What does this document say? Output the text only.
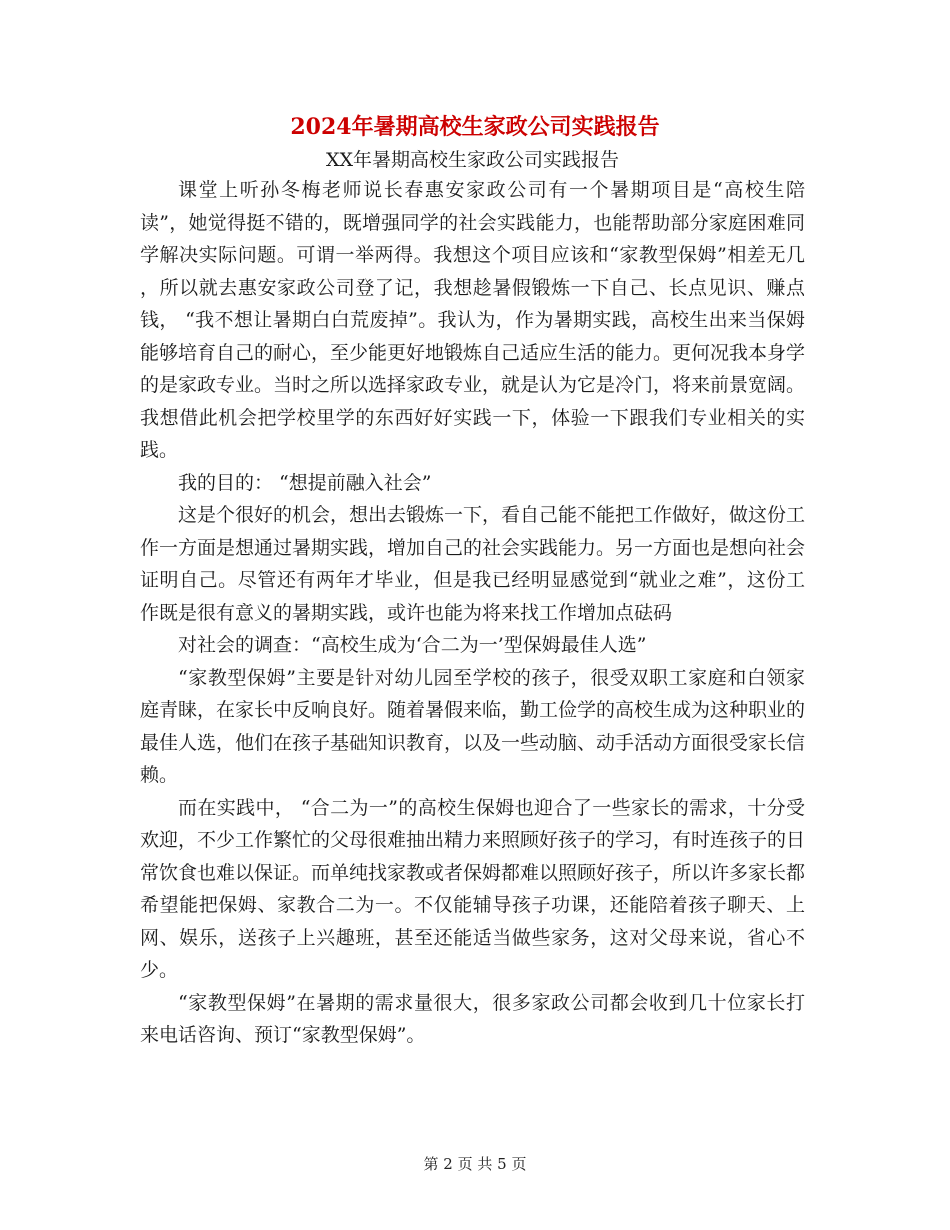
2024年暑期高校生家政公司实践报告

XX年暑期高校生家政公司实践报告

课堂上听孙冬梅老师说长春惠安家政公司有一个暑期项目是“高校生陪读”，她觉得挺不错的，既增强同学的社会实践能力，也能帮助部分家庭困难同学解决实际问题。可谓一举两得。我想这个项目应该和“家教型保姆”相差无几 ，所以就去惠安家政公司登了记，我想趁暑假锻炼一下自己、长点见识、赚点钱， “我不想让暑期白白荒废掉”。我认为，作为暑期实践，高校生出来当保姆能够培育自己的耐心，至少能更好地锻炼自己适应生活的能力。更何况我本身学的是家政专业。当时之所以选择家政专业，就是认为它是冷门，将来前景宽阔。我想借此机会把学校里学的东西好好实践一下，体验一下跟我们专业相关的实践。

我的目的： “想提前融入社会”

这是个很好的机会，想出去锻炼一下，看自己能不能把工作做好，做这份工作一方面是想通过暑期实践，增加自己的社会实践能力。另一方面也是想向社会证明自己。尽管还有两年才毕业，但是我已经明显感觉到“就业之难”，这份工作既是很有意义的暑期实践，或许也能为将来找工作增加点砝码

对社会的调查：“高校生成为‘合二为一’型保姆最佳人选”

“家教型保姆”主要是针对幼儿园至学校的孩子，很受双职工家庭和白领家庭青睐，在家长中反响良好。随着暑假来临，勤工俭学的高校生成为这种职业的最佳人选，他们在孩子基础知识教育，以及一些动脑、动手活动方面很受家长信赖。

而在实践中， “合二为一”的高校生保姆也迎合了一些家长的需求，十分受欢迎，不少工作繁忙的父母很难抽出精力来照顾好孩子的学习，有时连孩子的日常饮食也难以保证。而单纯找家教或者保姆都难以照顾好孩子，所以许多家长都希望能把保姆、家教合二为一。不仅能辅导孩子功课，还能陪着孩子聊天、上网、娱乐，送孩子上兴趣班，甚至还能适当做些家务，这对父母来说，省心不少。

“家教型保姆”在暑期的需求量很大，很多家政公司都会收到几十位家长打来电话咨询、预订“家教型保姆”。

第 2 页 共 5 页
